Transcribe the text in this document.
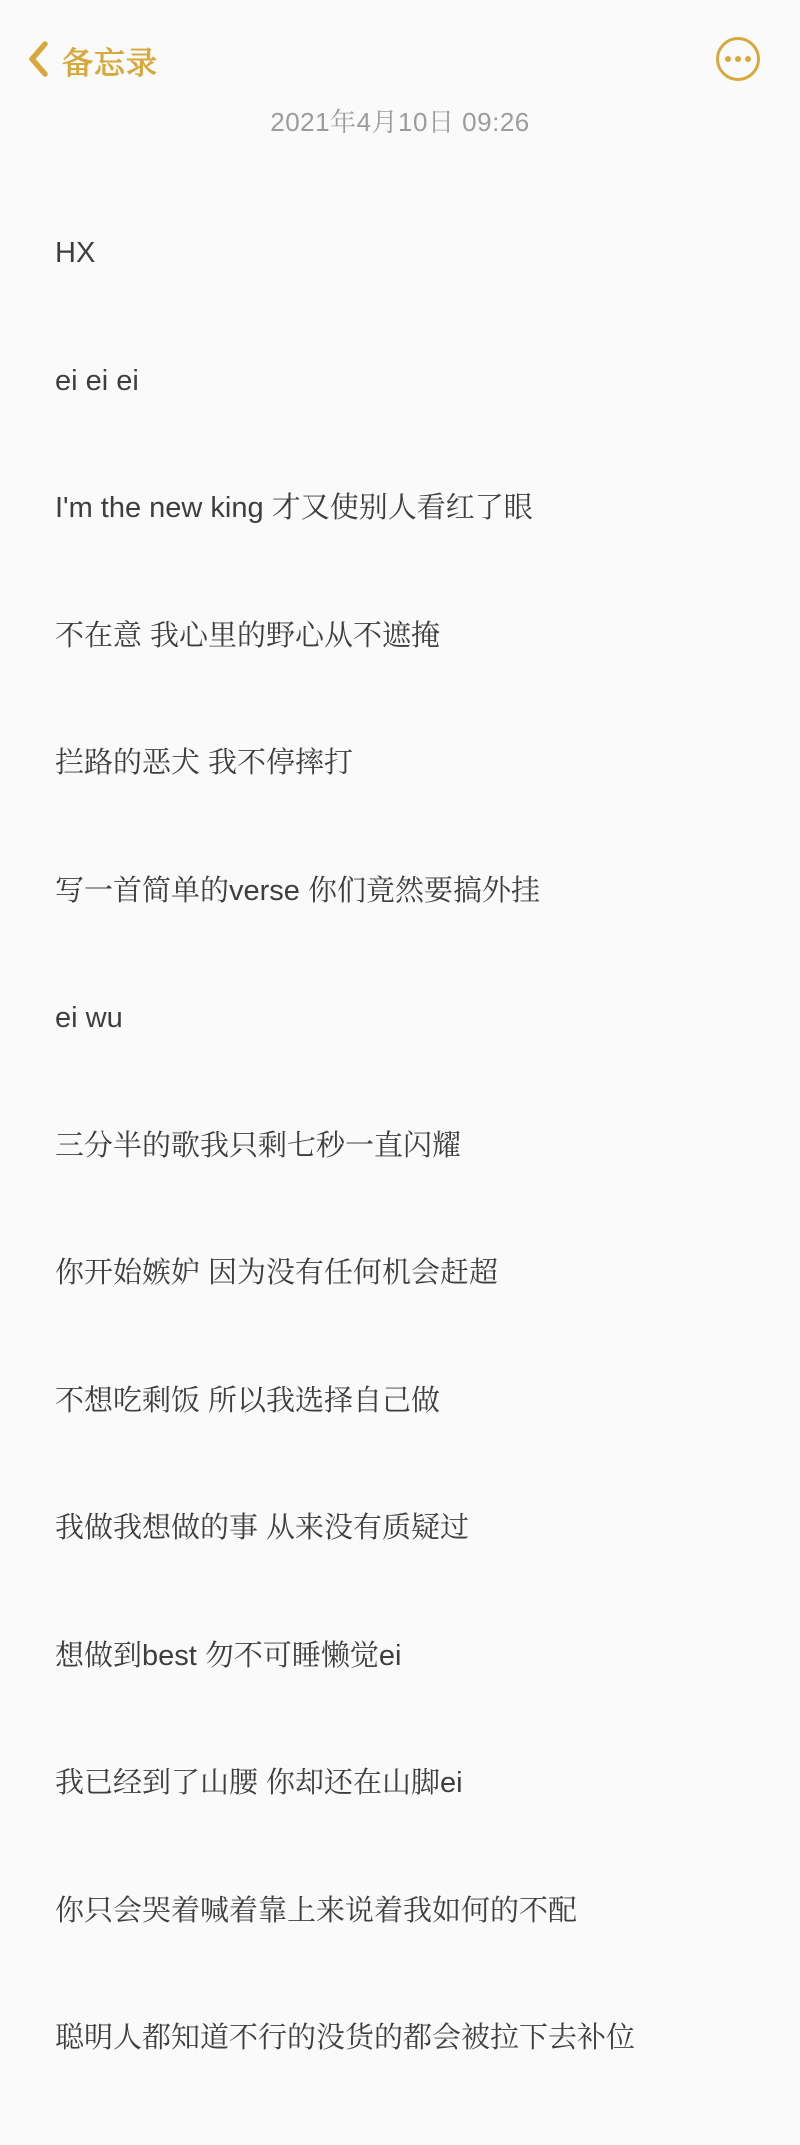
备忘录
2021年4月10日 09:26

HX

ei ei ei

I'm the new king 才又使别人看红了眼

不在意 我心里的野心从不遮掩

拦路的恶犬 我不停摔打

写一首简单的verse 你们竟然要搞外挂

ei wu

三分半的歌我只剩七秒一直闪耀

你开始嫉妒 因为没有任何机会赶超

不想吃剩饭 所以我选择自己做

我做我想做的事 从来没有质疑过

想做到best 勿不可睡懒觉ei

我已经到了山腰 你却还在山脚ei

你只会哭着喊着靠上来说着我如何的不配

聪明人都知道不行的没货的都会被拉下去补位
